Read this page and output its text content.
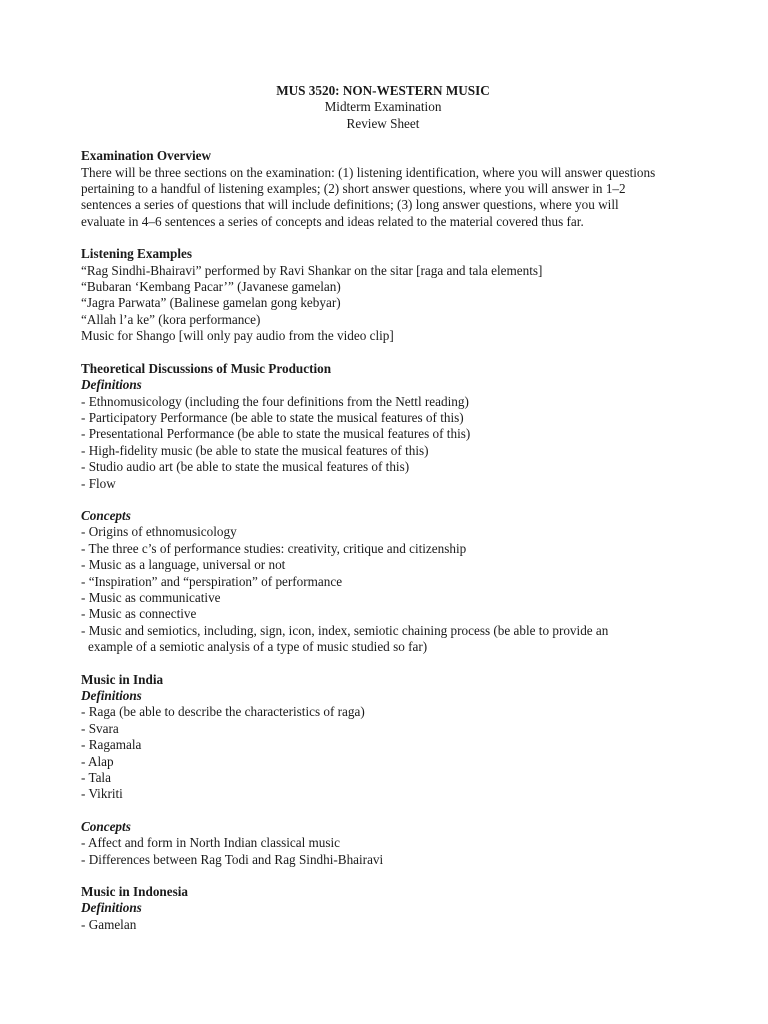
MUS 3520: NON-WESTERN MUSIC
Midterm Examination
Review Sheet
Examination Overview
There will be three sections on the examination: (1) listening identification, where you will answer questions
pertaining to a handful of listening examples; (2) short answer questions, where you will answer in 1–2
sentences a series of questions that will include definitions; (3) long answer questions, where you will
evaluate in 4–6 sentences a series of concepts and ideas related to the material covered thus far.
Listening Examples
“Rag Sindhi-Bhairavi” performed by Ravi Shankar on the sitar [raga and tala elements]
“Bubaran ‘Kembang Pacar’” (Javanese gamelan)
“Jagra Parwata” (Balinese gamelan gong kebyar)
“Allah l’a ke” (kora performance)
Music for Shango [will only pay audio from the video clip]
Theoretical Discussions of Music Production
Definitions
- Ethnomusicology (including the four definitions from the Nettl reading)
- Participatory Performance (be able to state the musical features of this)
- Presentational Performance (be able to state the musical features of this)
- High-fidelity music (be able to state the musical features of this)
- Studio audio art (be able to state the musical features of this)
- Flow
Concepts
- Origins of ethnomusicology
- The three c’s of performance studies: creativity, critique and citizenship
- Music as a language, universal or not
- “Inspiration” and “perspiration” of performance
- Music as communicative
- Music as connective
- Music and semiotics, including, sign, icon, index, semiotic chaining process (be able to provide an
example of a semiotic analysis of a type of music studied so far)
Music in India
Definitions
- Raga (be able to describe the characteristics of raga)
- Svara
- Ragamala
- Alap
- Tala
- Vikriti
Concepts
- Affect and form in North Indian classical music
- Differences between Rag Todi and Rag Sindhi-Bhairavi
Music in Indonesia
Definitions
- Gamelan
